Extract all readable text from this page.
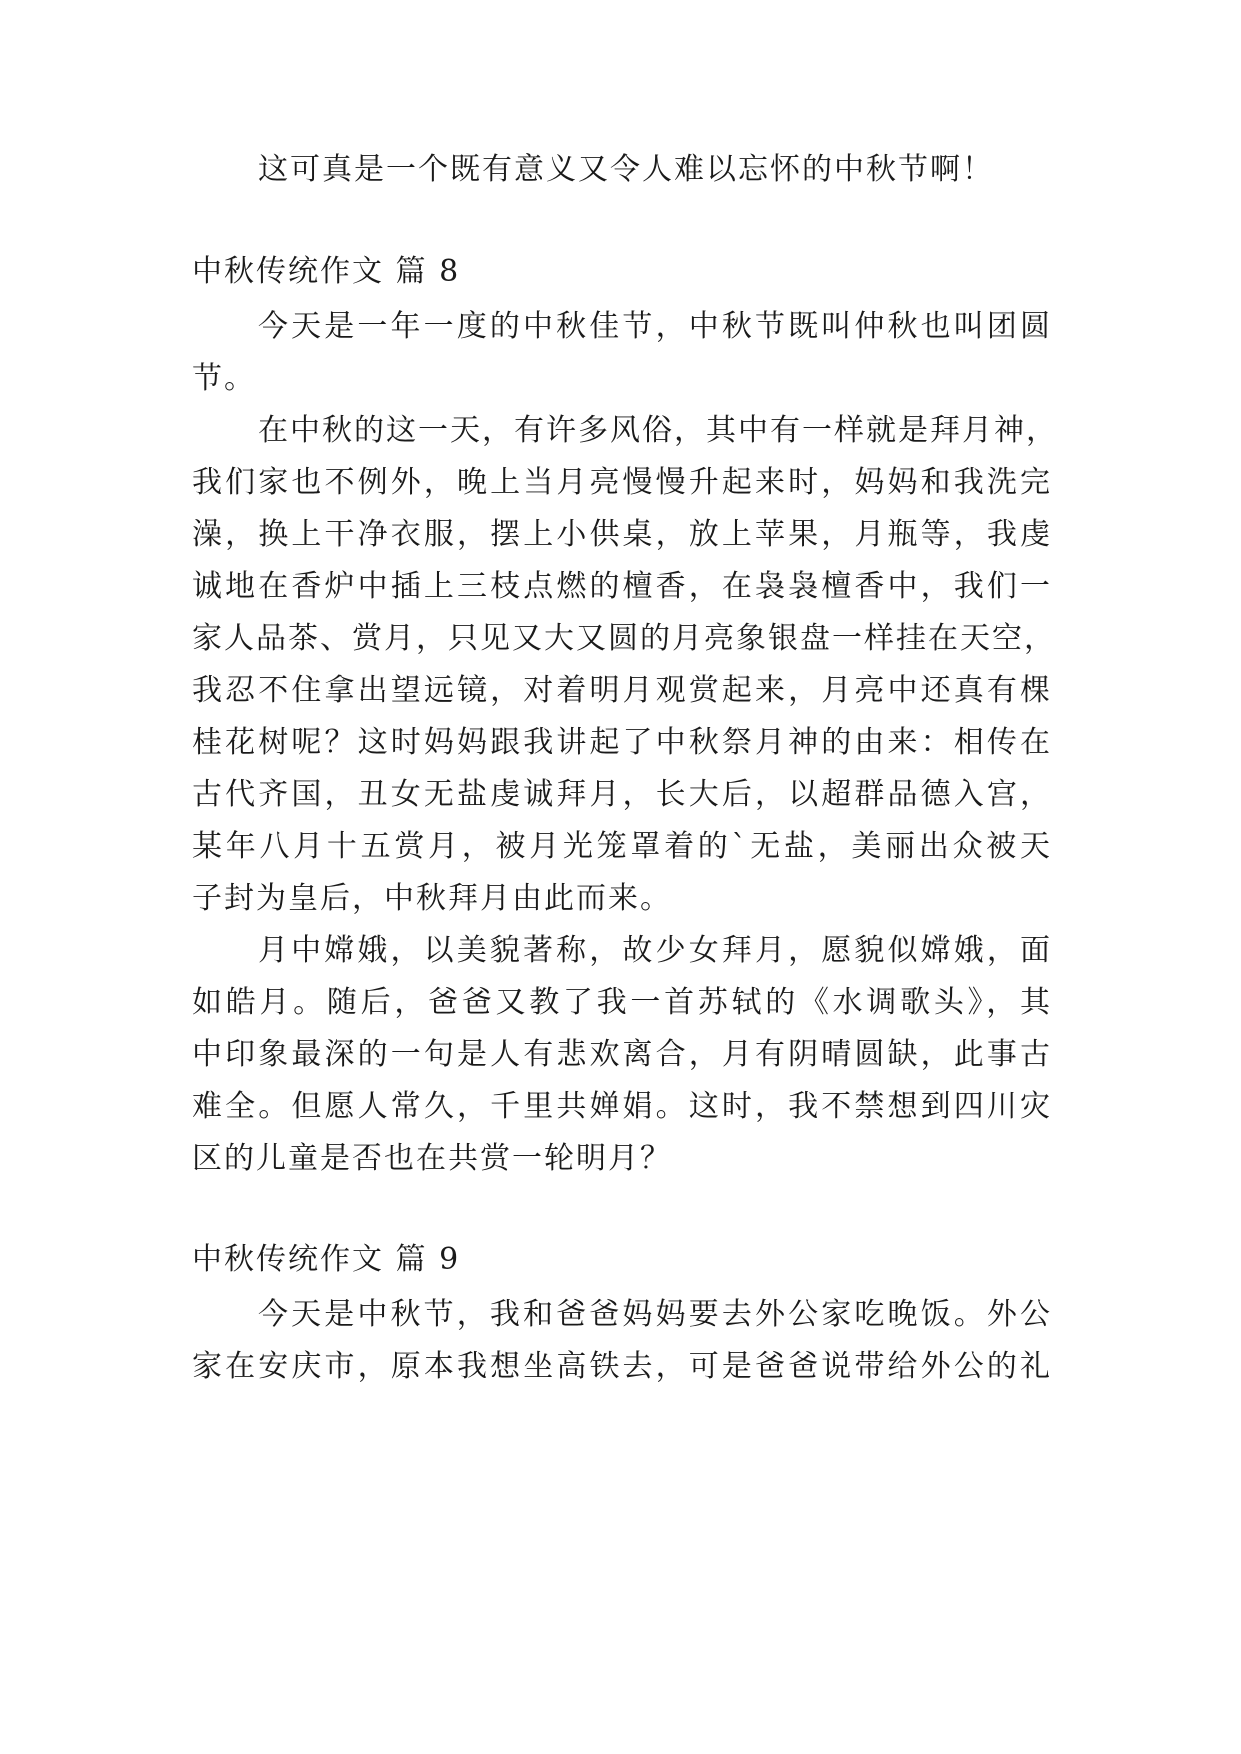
这可真是一个既有意义又令人难以忘怀的中秋节啊！
中秋传统作文 篇 8
今天是一年一度的中秋佳节，中秋节既叫仲秋也叫团圆
节。
在中秋的这一天，有许多风俗，其中有一样就是拜月神，
我们家也不例外，晚上当月亮慢慢升起来时，妈妈和我洗完
澡，换上干净衣服，摆上小供桌，放上苹果，月瓶等，我虔
诚地在香炉中插上三枝点燃的檀香，在袅袅檀香中，我们一
家人品茶、赏月，只见又大又圆的月亮象银盘一样挂在天空，
我忍不住拿出望远镜，对着明月观赏起来，月亮中还真有棵
桂花树呢？这时妈妈跟我讲起了中秋祭月神的由来：相传在
古代齐国，丑女无盐虔诚拜月，长大后，以超群品德入宫，
某年八月十五赏月，被月光笼罩着的`无盐，美丽出众被天
子封为皇后，中秋拜月由此而来。
月中嫦娥，以美貌著称，故少女拜月，愿貌似嫦娥，面
如皓月。随后，爸爸又教了我一首苏轼的《水调歌头》，其
中印象最深的一句是人有悲欢离合，月有阴晴圆缺，此事古
难全。但愿人常久，千里共婵娟。这时，我不禁想到四川灾
区的儿童是否也在共赏一轮明月？
中秋传统作文 篇 9
今天是中秋节，我和爸爸妈妈要去外公家吃晚饭。外公
家在安庆市，原本我想坐高铁去，可是爸爸说带给外公的礼
